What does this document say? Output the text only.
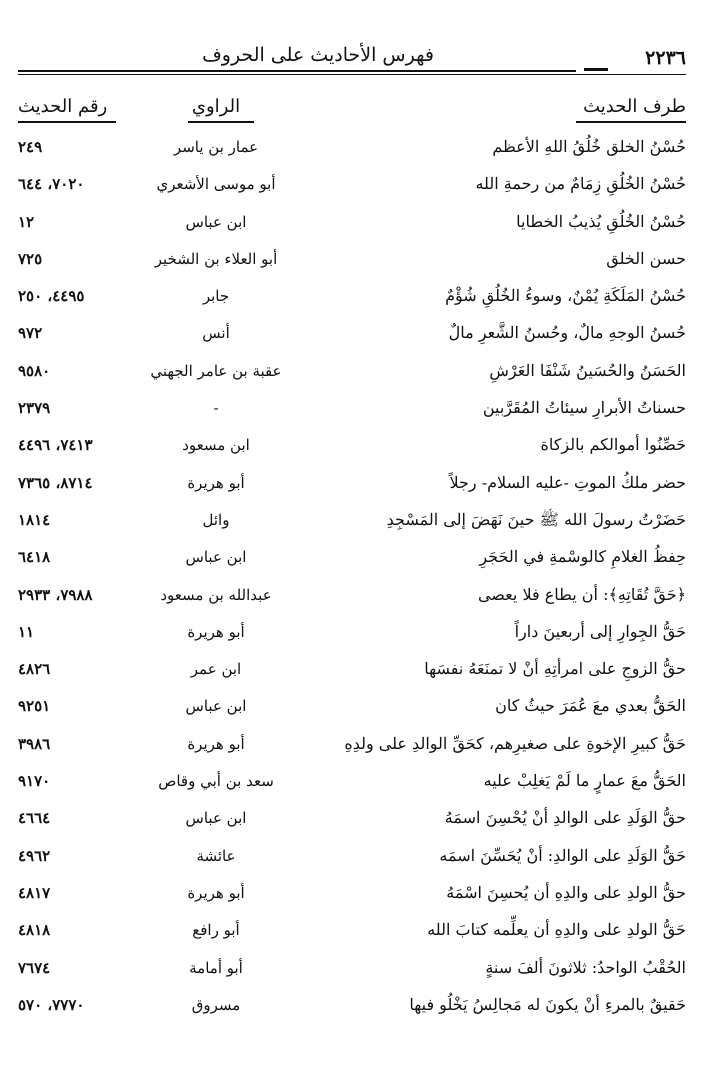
فهرس الأحاديث على الحروف	٢٢٣٦
طرف الحديث
الراوي
رقم الحديث
حُسْنُ الخلق خُلُقُ اللهِ الأعظم
عمار بن ياسر
٢٤٩
حُسْنُ الخُلُقِ زِمَامٌ من رحمةِ الله
أبو موسى الأشعري
٧٠٢٠، ٦٤٤
حُسْنُ الخُلُقِ يُذيبُ الخطايا
ابن عباس
١٢
حسن الخلق
أبو العلاء بن الشخير
٧٢٥
حُسْنُ المَلَكَةِ يُمْنٌ، وسوءُ الخُلُقِ شُؤْمٌ
جابر
٤٤٩٥، ٢٥٠
حُسنُ الوجهِ مالٌ، وحُسنُ الشَّعرِ مالٌ
أنس
٩٧٢
الحَسَنُ والحُسَينُ شَنْفَا العَرْشِ
عقبة بن عامر الجهني
٩٥٨٠
حسناتُ الأبرارِ سيئاتُ المُقَرَّبين
-
٢٣٧٩
حَصِّنُوا أموالكم بالزكاة
ابن مسعود
٧٤١٣، ٤٤٩٦
حضر ملكُ الموتِ -عليه السلام- رجلاً
أبو هريرة
٨٧١٤، ٧٣٦٥
حَضَرْتُ رسولَ الله ﷺ حينَ نَهَضَ إلى المَسْجِدِ
وائل
١٨١٤
حِفظُ الغلامِ كالوسْمةِ في الحَجَرِ
ابن عباس
٦٤١٨
﴿حَقَّ تُقَاتِهِ﴾: أن يطاع فلا يعصى
عبدالله بن مسعود
٧٩٨٨، ٢٩٣٣
حَقُّ الجِوارِ إلى أربعينَ داراً
أبو هريرة
١١
حقُّ الزوجِ على امرأتِهِ أنْ لا تمنَعَهُ نفسَها
ابن عمر
٤٨٢٦
الحَقُّ بعدي معَ عُمَرَ حيثُ كان
ابن عباس
٩٢٥١
حَقُّ كبيرِ الإخوةِ على صغيرِهم، كحَقِّ الوالدِ على ولدِهِ
أبو هريرة
٣٩٨٦
الحَقُّ معَ عمارٍ ما لَمْ يَغلِبْ عليه
سعد بن أبي وقاص
٩١٧٠
حقُّ الوَلَدِ على الوالدِ أنْ يُحْسِنَ اسمَهُ
ابن عباس
٤٦٦٤
حَقُّ الوَلَدِ على الوالدِ: أنْ يُحَسِّنَ اسمَه
عائشة
٤٩٦٢
حقُّ الولدِ على والدِهِ أن يُحسِنَ اسْمَهُ
أبو هريرة
٤٨١٧
حَقُّ الولدِ على والدِهِ أن يعلِّمه كتابَ الله
أبو رافع
٤٨١٨
الحُقْبُ الواحدُ: ثلاثونَ ألفَ سنةٍ
أبو أمامة
٧٦٧٤
حَقيقٌ بالمرءِ أنْ يكونَ له مَجالِسُ يَخْلُو فيها
مسروق
٧٧٧٠، ٥٧٠
